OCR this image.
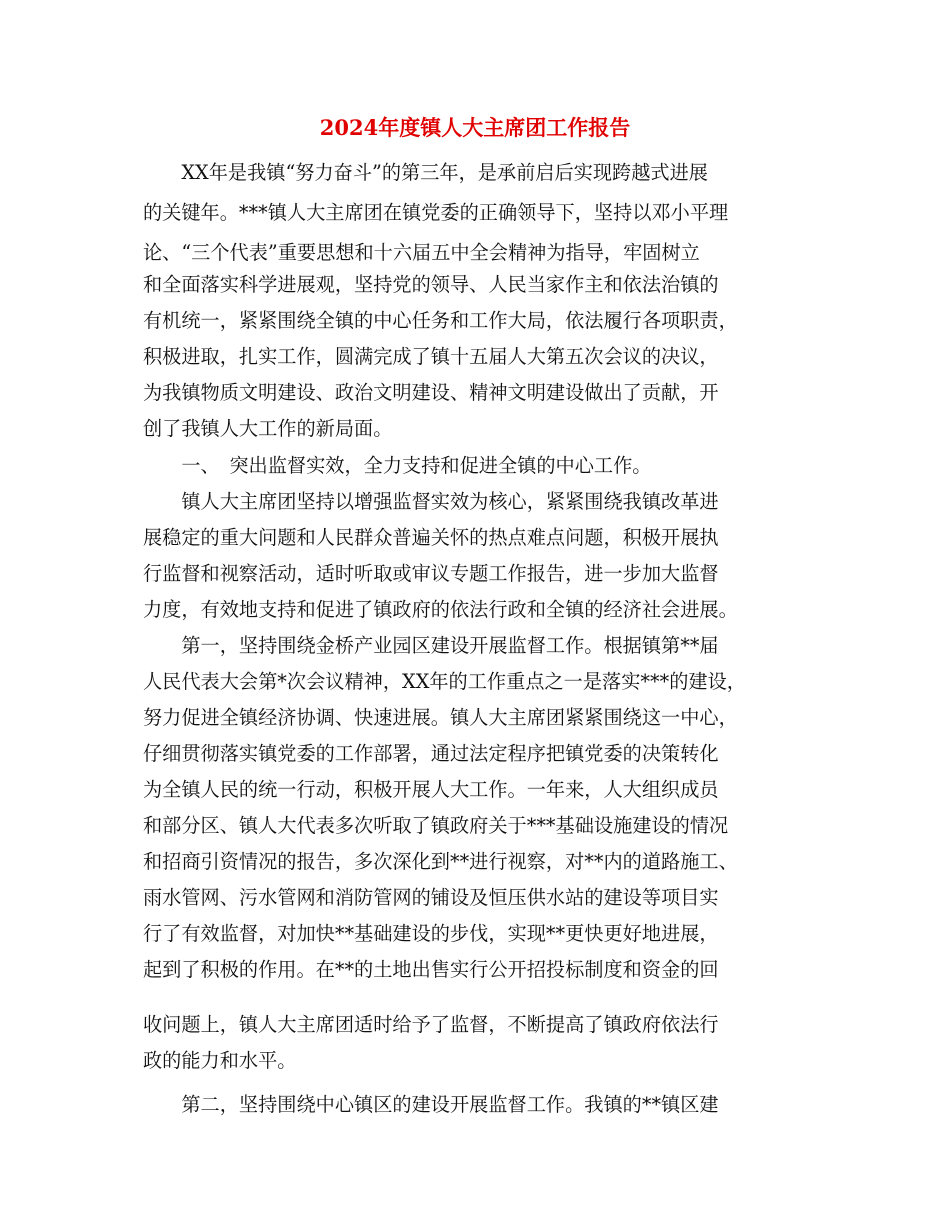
2024年度镇人大主席团工作报告
　　XX年是我镇“努力奋斗”的第三年，是承前启后实现跨越式进展
的关键年。***镇人大主席团在镇党委的正确领导下，坚持以邓小平理
论、“三个代表”重要思想和十六届五中全会精神为指导，牢固树立
和全面落实科学进展观，坚持党的领导、人民当家作主和依法治镇的
有机统一，紧紧围绕全镇的中心任务和工作大局，依法履行各项职责，
积极进取，扎实工作，圆满完成了镇十五届人大第五次会议的决议，
为我镇物质文明建设、政治文明建设、精神文明建设做出了贡献，开
创了我镇人大工作的新局面。
　　一、　突出监督实效，全力支持和促进全镇的中心工作。
　　镇人大主席团坚持以增强监督实效为核心，紧紧围绕我镇改革进
展稳定的重大问题和人民群众普遍关怀的热点难点问题，积极开展执
行监督和视察活动，适时听取或审议专题工作报告，进一步加大监督
力度，有效地支持和促进了镇政府的依法行政和全镇的经济社会进展。
　　第一，坚持围绕金桥产业园区建设开展监督工作。根据镇第**届
人民代表大会第*次会议精神，XX年的工作重点之一是落实***的建设，
努力促进全镇经济协调、快速进展。镇人大主席团紧紧围绕这一中心，
仔细贯彻落实镇党委的工作部署，通过法定程序把镇党委的决策转化
为全镇人民的统一行动，积极开展人大工作。一年来，人大组织成员
和部分区、镇人大代表多次听取了镇政府关于***基础设施建设的情况
和招商引资情况的报告，多次深化到**进行视察，对**内的道路施工、
雨水管网、污水管网和消防管网的铺设及恒压供水站的建设等项目实
行了有效监督，对加快**基础建设的步伐，实现**更快更好地进展，
起到了积极的作用。在**的土地出售实行公开招投标制度和资金的回
收问题上，镇人大主席团适时给予了监督，不断提高了镇政府依法行
政的能力和水平。
　　第二，坚持围绕中心镇区的建设开展监督工作。我镇的**镇区建
